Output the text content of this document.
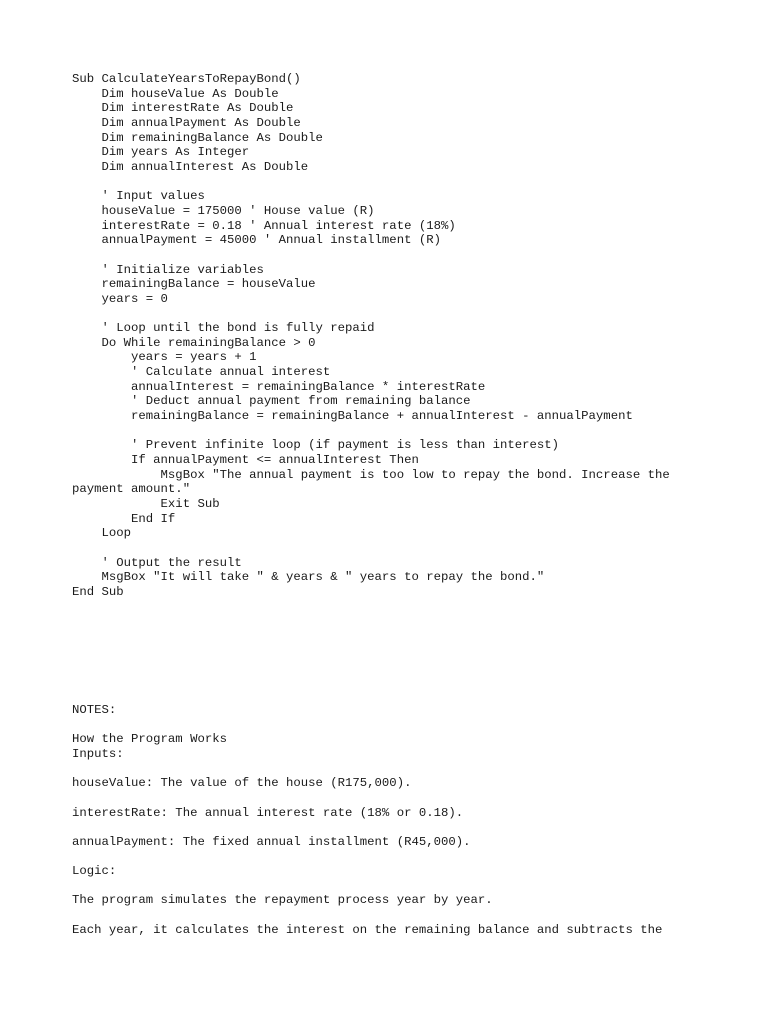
Sub CalculateYearsToRepayBond()
Dim houseValue As Double
Dim interestRate As Double
Dim annualPayment As Double
Dim remainingBalance As Double
Dim years As Integer
Dim annualInterest As Double
' Input values
houseValue = 175000 ' House value (R)
interestRate = 0.18 ' Annual interest rate (18%)
annualPayment = 45000 ' Annual installment (R)
' Initialize variables
remainingBalance = houseValue
years = 0
' Loop until the bond is fully repaid
Do While remainingBalance > 0
years = years + 1
' Calculate annual interest
annualInterest = remainingBalance * interestRate
' Deduct annual payment from remaining balance
remainingBalance = remainingBalance + annualInterest - annualPayment
' Prevent infinite loop (if payment is less than interest)
If annualPayment <= annualInterest Then
MsgBox "The annual payment is too low to repay the bond. Increase the
payment amount."
Exit Sub
End If
Loop
' Output the result
MsgBox "It will take " & years & " years to repay the bond."
End Sub
NOTES:
How the Program Works
Inputs:
houseValue: The value of the house (R175,000).
interestRate: The annual interest rate (18% or 0.18).
annualPayment: The fixed annual installment (R45,000).
Logic:
The program simulates the repayment process year by year.
Each year, it calculates the interest on the remaining balance and subtracts the
